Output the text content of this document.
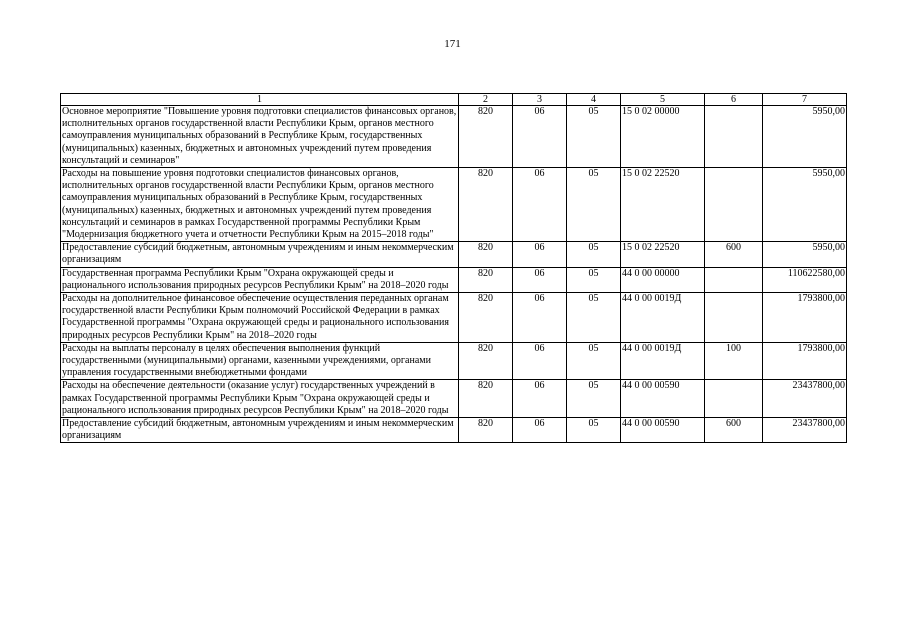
171
1	2	3	4	5	6	7
Основное мероприятие "Повышение уровня подготовки специалистов финансовых органов, исполнительных органов государственной власти Республики Крым, органов местного самоуправления муниципальных образований в Республике Крым, государственных (муниципальных) казенных, бюджетных и автономных учреждений путем проведения консультаций и семинаров"	820	06	05	15 0 02 00000		5950,00
Расходы на повышение уровня подготовки специалистов финансовых органов, исполнительных органов государственной власти Республики Крым, органов местного самоуправления муниципальных образований в Республике Крым, государственных (муниципальных) казенных, бюджетных и автономных учреждений путем проведения консультаций и семинаров в рамках Государственной программы Республики Крым "Модернизация бюджетного учета и отчетности Республики Крым на 2015–2018 годы"	820	06	05	15 0 02 22520		5950,00
Предоставление субсидий бюджетным, автономным учреждениям и иным некоммерческим организациям	820	06	05	15 0 02 22520	600	5950,00
Государственная программа Республики Крым "Охрана окружающей среды и рационального использования природных ресурсов Республики Крым" на 2018–2020 годы	820	06	05	44 0 00 00000		110622580,00
Расходы на дополнительное финансовое обеспечение осуществления переданных органам государственной власти Республики Крым полномочий Российской Федерации в рамках Государственной программы "Охрана окружающей среды и рационального использования природных ресурсов Республики Крым" на 2018–2020 годы	820	06	05	44 0 00 0019Д		1793800,00
Расходы на выплаты персоналу в целях обеспечения выполнения функций государственными (муниципальными) органами, казенными учреждениями, органами управления государственными внебюджетными фондами	820	06	05	44 0 00 0019Д	100	1793800,00
Расходы на обеспечение деятельности (оказание услуг) государственных учреждений в рамках Государственной программы Республики Крым "Охрана окружающей среды и рационального использования природных ресурсов Республики Крым" на 2018–2020 годы	820	06	05	44 0 00 00590		23437800,00
Предоставление субсидий бюджетным, автономным учреждениям и иным некоммерческим организациям	820	06	05	44 0 00 00590	600	23437800,00
